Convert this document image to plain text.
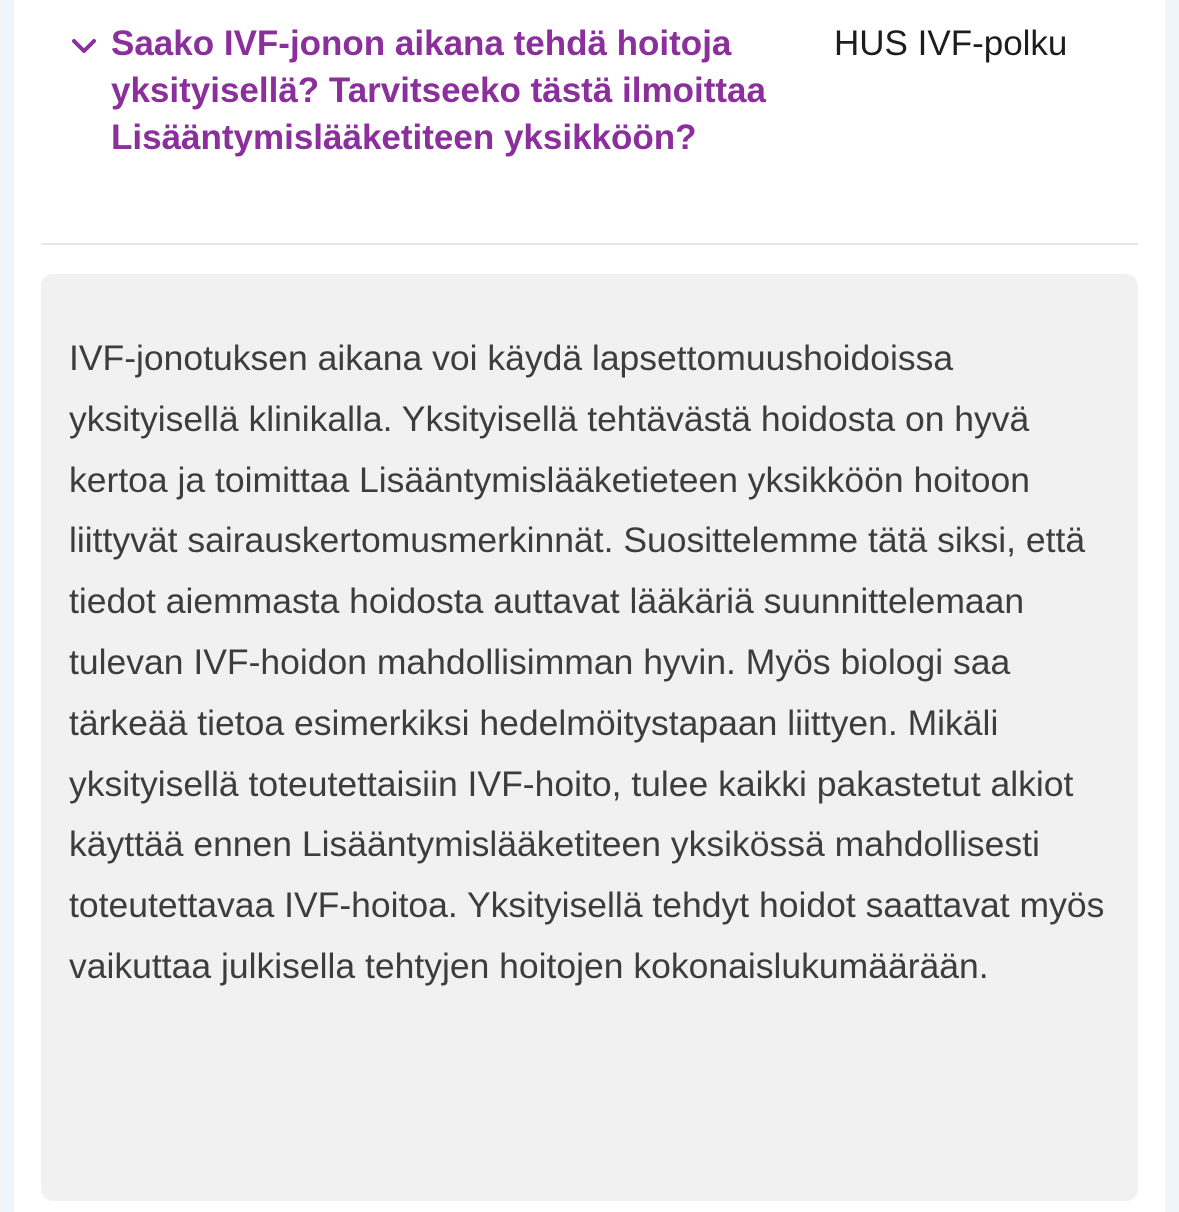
Saako IVF-jonon aikana tehdä hoitoja yksityisellä? Tarvitseeko tästä ilmoittaa Lisääntymislääketiteen yksikköön?
HUS IVF-polku

IVF-jonotuksen aikana voi käydä lapsettomuushoidoissa yksityisellä klinikalla. Yksityisellä tehtävästä hoidosta on hyvä kertoa ja toimittaa Lisääntymislääketieteen yksikköön hoitoon liittyvät sairauskertomusmerkinnät. Suosittelemme tätä siksi, että tiedot aiemmasta hoidosta auttavat lääkäriä suunnittelemaan tulevan IVF-hoidon mahdollisimman hyvin. Myös biologi saa tärkeää tietoa esimerkiksi hedelmöitystapaan liittyen. Mikäli yksityisellä toteutettaisiin IVF-hoito, tulee kaikki pakastetut alkiot käyttää ennen Lisääntymislääketiteen yksikössä mahdollisesti toteutettavaa IVF-hoitoa. Yksityisellä tehdyt hoidot saattavat myös vaikuttaa julkisella tehtyjen hoitojen kokonaislukumäärään.
